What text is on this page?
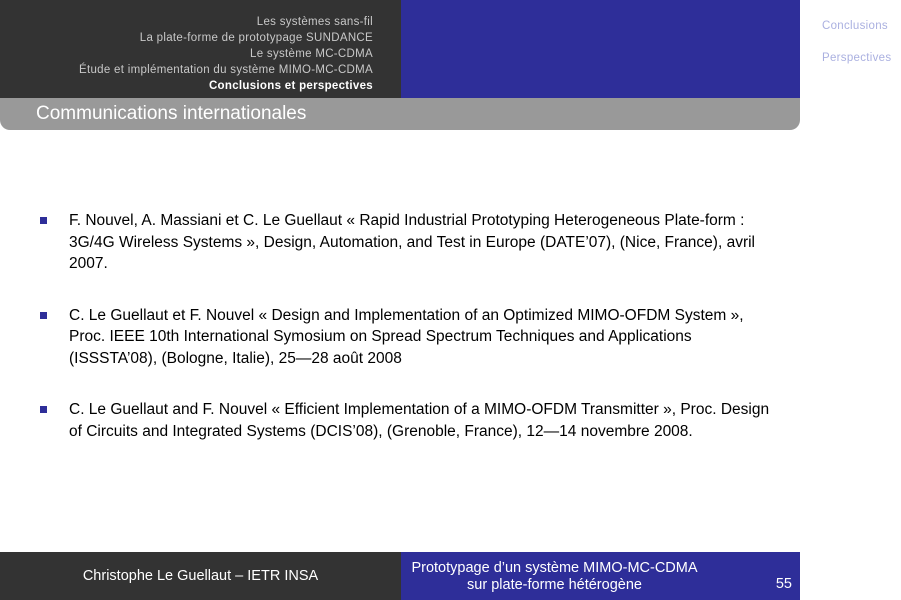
Les systèmes sans-fil
La plate-forme de prototypage SUNDANCE
Le système MC-CDMA
Étude et implémentation du système MIMO-MC-CDMA
Conclusions et perspectives
Conclusions
Contributions
Perspectives
Communications internationales
F. Nouvel, A. Massiani et C. Le Guellaut « Rapid Industrial Prototyping Heterogeneous Plate-form : 3G/4G Wireless Systems », Design, Automation, and Test in Europe (DATE’07), (Nice, France), avril 2007.
C. Le Guellaut et F. Nouvel « Design and Implementation of an Optimized MIMO-OFDM System », Proc. IEEE 10th International Symosium on Spread Spectrum Techniques and Applications (ISSSTA’08), (Bologne, Italie), 25—28 août 2008
C. Le Guellaut and F. Nouvel « Efficient Implementation of a MIMO-OFDM Transmitter », Proc. Design of Circuits and Integrated Systems (DCIS’08), (Grenoble, France), 12—14 novembre 2008.
Christophe Le Guellaut – IETR INSA	Prototypage d’un système MIMO-MC-CDMA
sur plate-forme hétérogène	55
